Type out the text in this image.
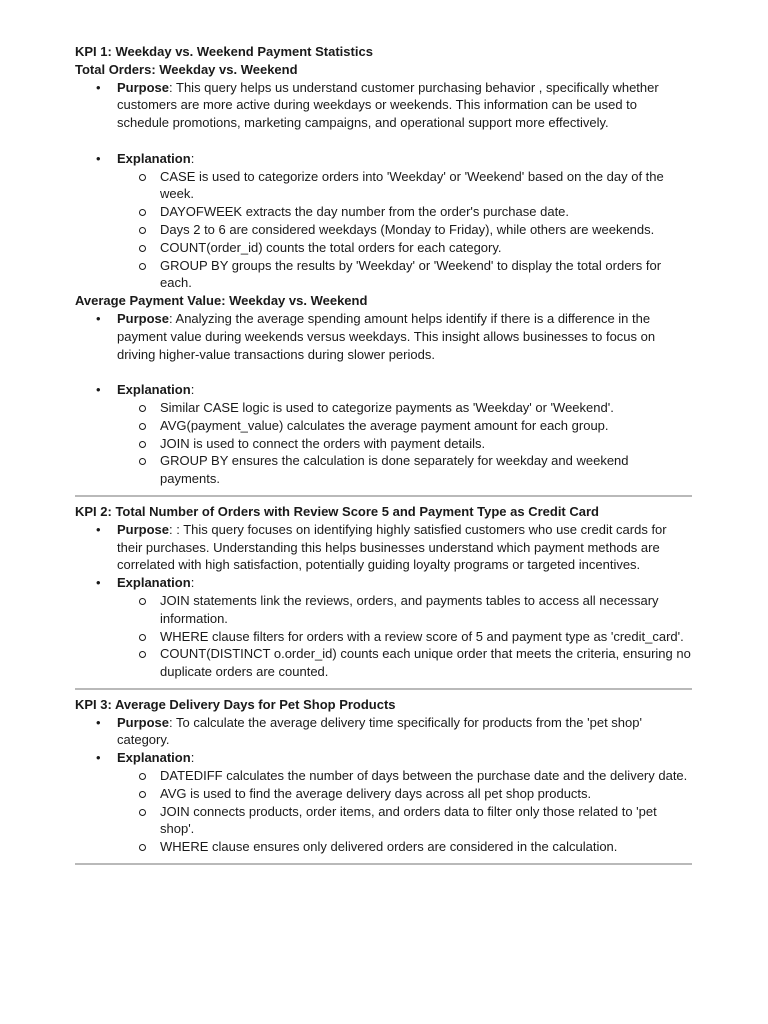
KPI 1: Weekday vs. Weekend Payment Statistics

Total Orders: Weekday vs. Weekend

• Purpose: This query helps us understand customer purchasing behavior , specifically whether customers are more active during weekdays or weekends. This information can be used to schedule promotions, marketing campaigns, and operational support more effectively.
• Explanation:
CASE is used to categorize orders into 'Weekday' or 'Weekend' based on the day of the week.
DAYOFWEEK extracts the day number from the order's purchase date.
Days 2 to 6 are considered weekdays (Monday to Friday), while others are weekends.
COUNT(order_id) counts the total orders for each category.
GROUP BY groups the results by 'Weekday' or 'Weekend' to display the total orders for each.

Average Payment Value: Weekday vs. Weekend

• Purpose: Analyzing the average spending amount helps identify if there is a difference in the payment value during weekends versus weekdays. This insight allows businesses to focus on driving higher-value transactions during slower periods.
• Explanation:
Similar CASE logic is used to categorize payments as 'Weekday' or 'Weekend'.
AVG(payment_value) calculates the average payment amount for each group.
JOIN is used to connect the orders with payment details.
GROUP BY ensures the calculation is done separately for weekday and weekend payments.

KPI 2: Total Number of Orders with Review Score 5 and Payment Type as Credit Card

• Purpose: : This query focuses on identifying highly satisfied customers who use credit cards for their purchases. Understanding this helps businesses understand which payment methods are correlated with high satisfaction, potentially guiding loyalty programs or targeted incentives.
• Explanation:
JOIN statements link the reviews, orders, and payments tables to access all necessary information.
WHERE clause filters for orders with a review score of 5 and payment type as 'credit_card'.
COUNT(DISTINCT o.order_id) counts each unique order that meets the criteria, ensuring no duplicate orders are counted.

KPI 3: Average Delivery Days for Pet Shop Products

• Purpose: To calculate the average delivery time specifically for products from the 'pet shop' category.
• Explanation:
DATEDIFF calculates the number of days between the purchase date and the delivery date.
AVG is used to find the average delivery days across all pet shop products.
JOIN connects products, order items, and orders data to filter only those related to 'pet shop'.
WHERE clause ensures only delivered orders are considered in the calculation.
